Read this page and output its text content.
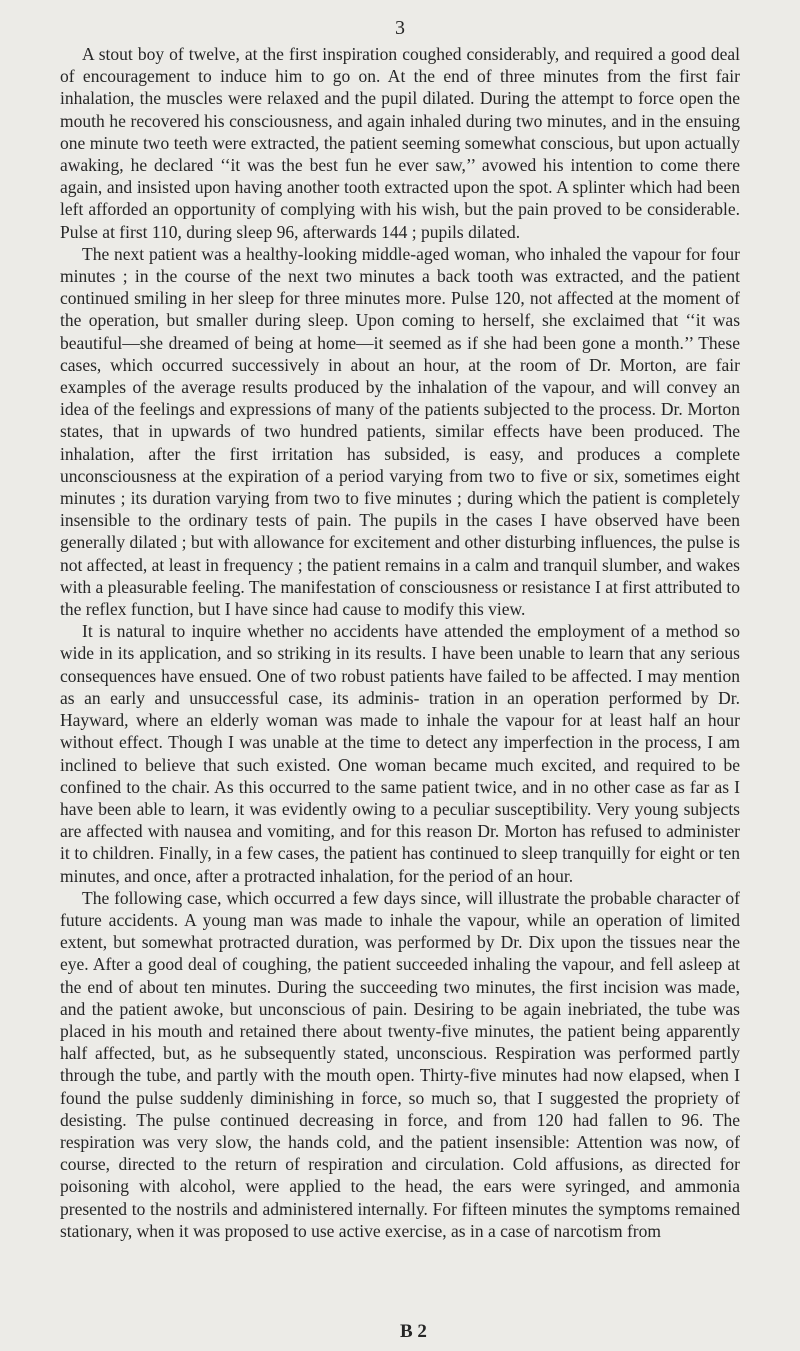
3

A stout boy of twelve, at the first inspiration coughed considerably, and required a good deal of encouragement to induce him to go on. At the end of three minutes from the first fair inhalation, the muscles were relaxed and the pupil dilated. During the attempt to force open the mouth he recovered his consciousness, and again inhaled during two minutes, and in the ensuing one minute two teeth were extracted, the patient seeming somewhat conscious, but upon actually awaking, he declared ‘‘it was the best fun he ever saw,’’ avowed his intention to come there again, and insisted upon having another tooth extracted upon the spot. A splinter which had been left afforded an opportunity of complying with his wish, but the pain proved to be considerable. Pulse at first 110, during sleep 96, afterwards 144 ; pupils dilated.

The next patient was a healthy-looking middle-aged woman, who inhaled the vapour for four minutes ; in the course of the next two minutes a back tooth was extracted, and the patient continued smiling in her sleep for three minutes more. Pulse 120, not affected at the moment of the operation, but smaller during sleep. Upon coming to herself, she exclaimed that ‘‘it was beautiful—she dreamed of being at home—it seemed as if she had been gone a month.’’ These cases, which occurred successively in about an hour, at the room of Dr. Morton, are fair examples of the average results produced by the inhalation of the vapour, and will convey an idea of the feelings and expressions of many of the patients subjected to the process. Dr. Morton states, that in upwards of two hundred patients, similar effects have been produced. The inhalation, after the first irritation has subsided, is easy, and produces a complete unconsciousness at the expiration of a period varying from two to five or six, sometimes eight minutes ; its duration varying from two to five minutes ; during which the patient is completely insensible to the ordinary tests of pain. The pupils in the cases I have observed have been generally dilated ; but with allowance for excitement and other disturbing influences, the pulse is not affected, at least in frequency ; the patient remains in a calm and tranquil slumber, and wakes with a pleasurable feeling. The manifestation of consciousness or resistance I at first attributed to the reflex function, but I have since had cause to modify this view.

It is natural to inquire whether no accidents have attended the employment of a method so wide in its application, and so striking in its results. I have been unable to learn that any serious consequences have ensued. One of two robust patients have failed to be affected. I may mention as an early and unsuccessful case, its adminis- tration in an operation performed by Dr. Hayward, where an elderly woman was made to inhale the vapour for at least half an hour without effect. Though I was unable at the time to detect any imperfection in the process, I am inclined to believe that such existed. One woman became much excited, and required to be confined to the chair. As this occurred to the same patient twice, and in no other case as far as I have been able to learn, it was evidently owing to a peculiar susceptibility. Very young subjects are affected with nausea and vomiting, and for this reason Dr. Morton has refused to administer it to children. Finally, in a few cases, the patient has continued to sleep tranquilly for eight or ten minutes, and once, after a protracted inhalation, for the period of an hour.

The following case, which occurred a few days since, will illustrate the probable character of future accidents. A young man was made to inhale the vapour, while an operation of limited extent, but somewhat protracted duration, was performed by Dr. Dix upon the tissues near the eye. After a good deal of coughing, the patient succeeded inhaling the vapour, and fell asleep at the end of about ten minutes. During the succeeding two minutes, the first incision was made, and the patient awoke, but unconscious of pain. Desiring to be again inebriated, the tube was placed in his mouth and retained there about twenty-five minutes, the patient being apparently half affected, but, as he subsequently stated, unconscious. Respiration was performed partly through the tube, and partly with the mouth open. Thirty-five minutes had now elapsed, when I found the pulse suddenly diminishing in force, so much so, that I suggested the propriety of desisting. The pulse continued decreasing in force, and from 120 had fallen to 96. The respiration was very slow, the hands cold, and the patient insensible: Attention was now, of course, directed to the return of respiration and circulation. Cold affusions, as directed for poisoning with alcohol, were applied to the head, the ears were syringed, and ammonia presented to the nostrils and administered internally. For fifteen minutes the symptoms remained stationary, when it was proposed to use active exercise, as in a case of narcotism from

B 2
